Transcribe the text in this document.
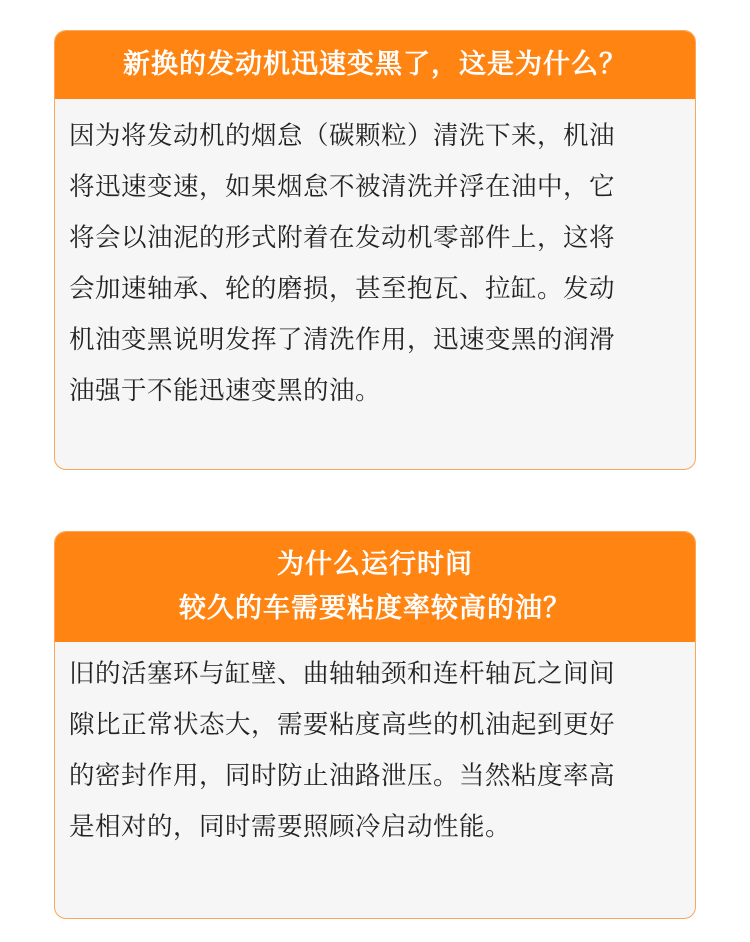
新换的发动机迅速变黑了，这是为什么？
因为将发动机的烟怠（碳颗粒）清洗下来，机油
将迅速变速，如果烟怠不被清洗并浮在油中，它
将会以油泥的形式附着在发动机零部件上，这将
会加速轴承、轮的磨损，甚至抱瓦、拉缸。发动
机油变黑说明发挥了清洗作用，迅速变黑的润滑
油强于不能迅速变黑的油。
为什么运行时间
较久的车需要粘度率较高的油？
旧的活塞环与缸壁、曲轴轴颈和连杆轴瓦之间间
隙比正常状态大，需要粘度高些的机油起到更好
的密封作用，同时防止油路泄压。当然粘度率高
是相对的，同时需要照顾冷启动性能。
